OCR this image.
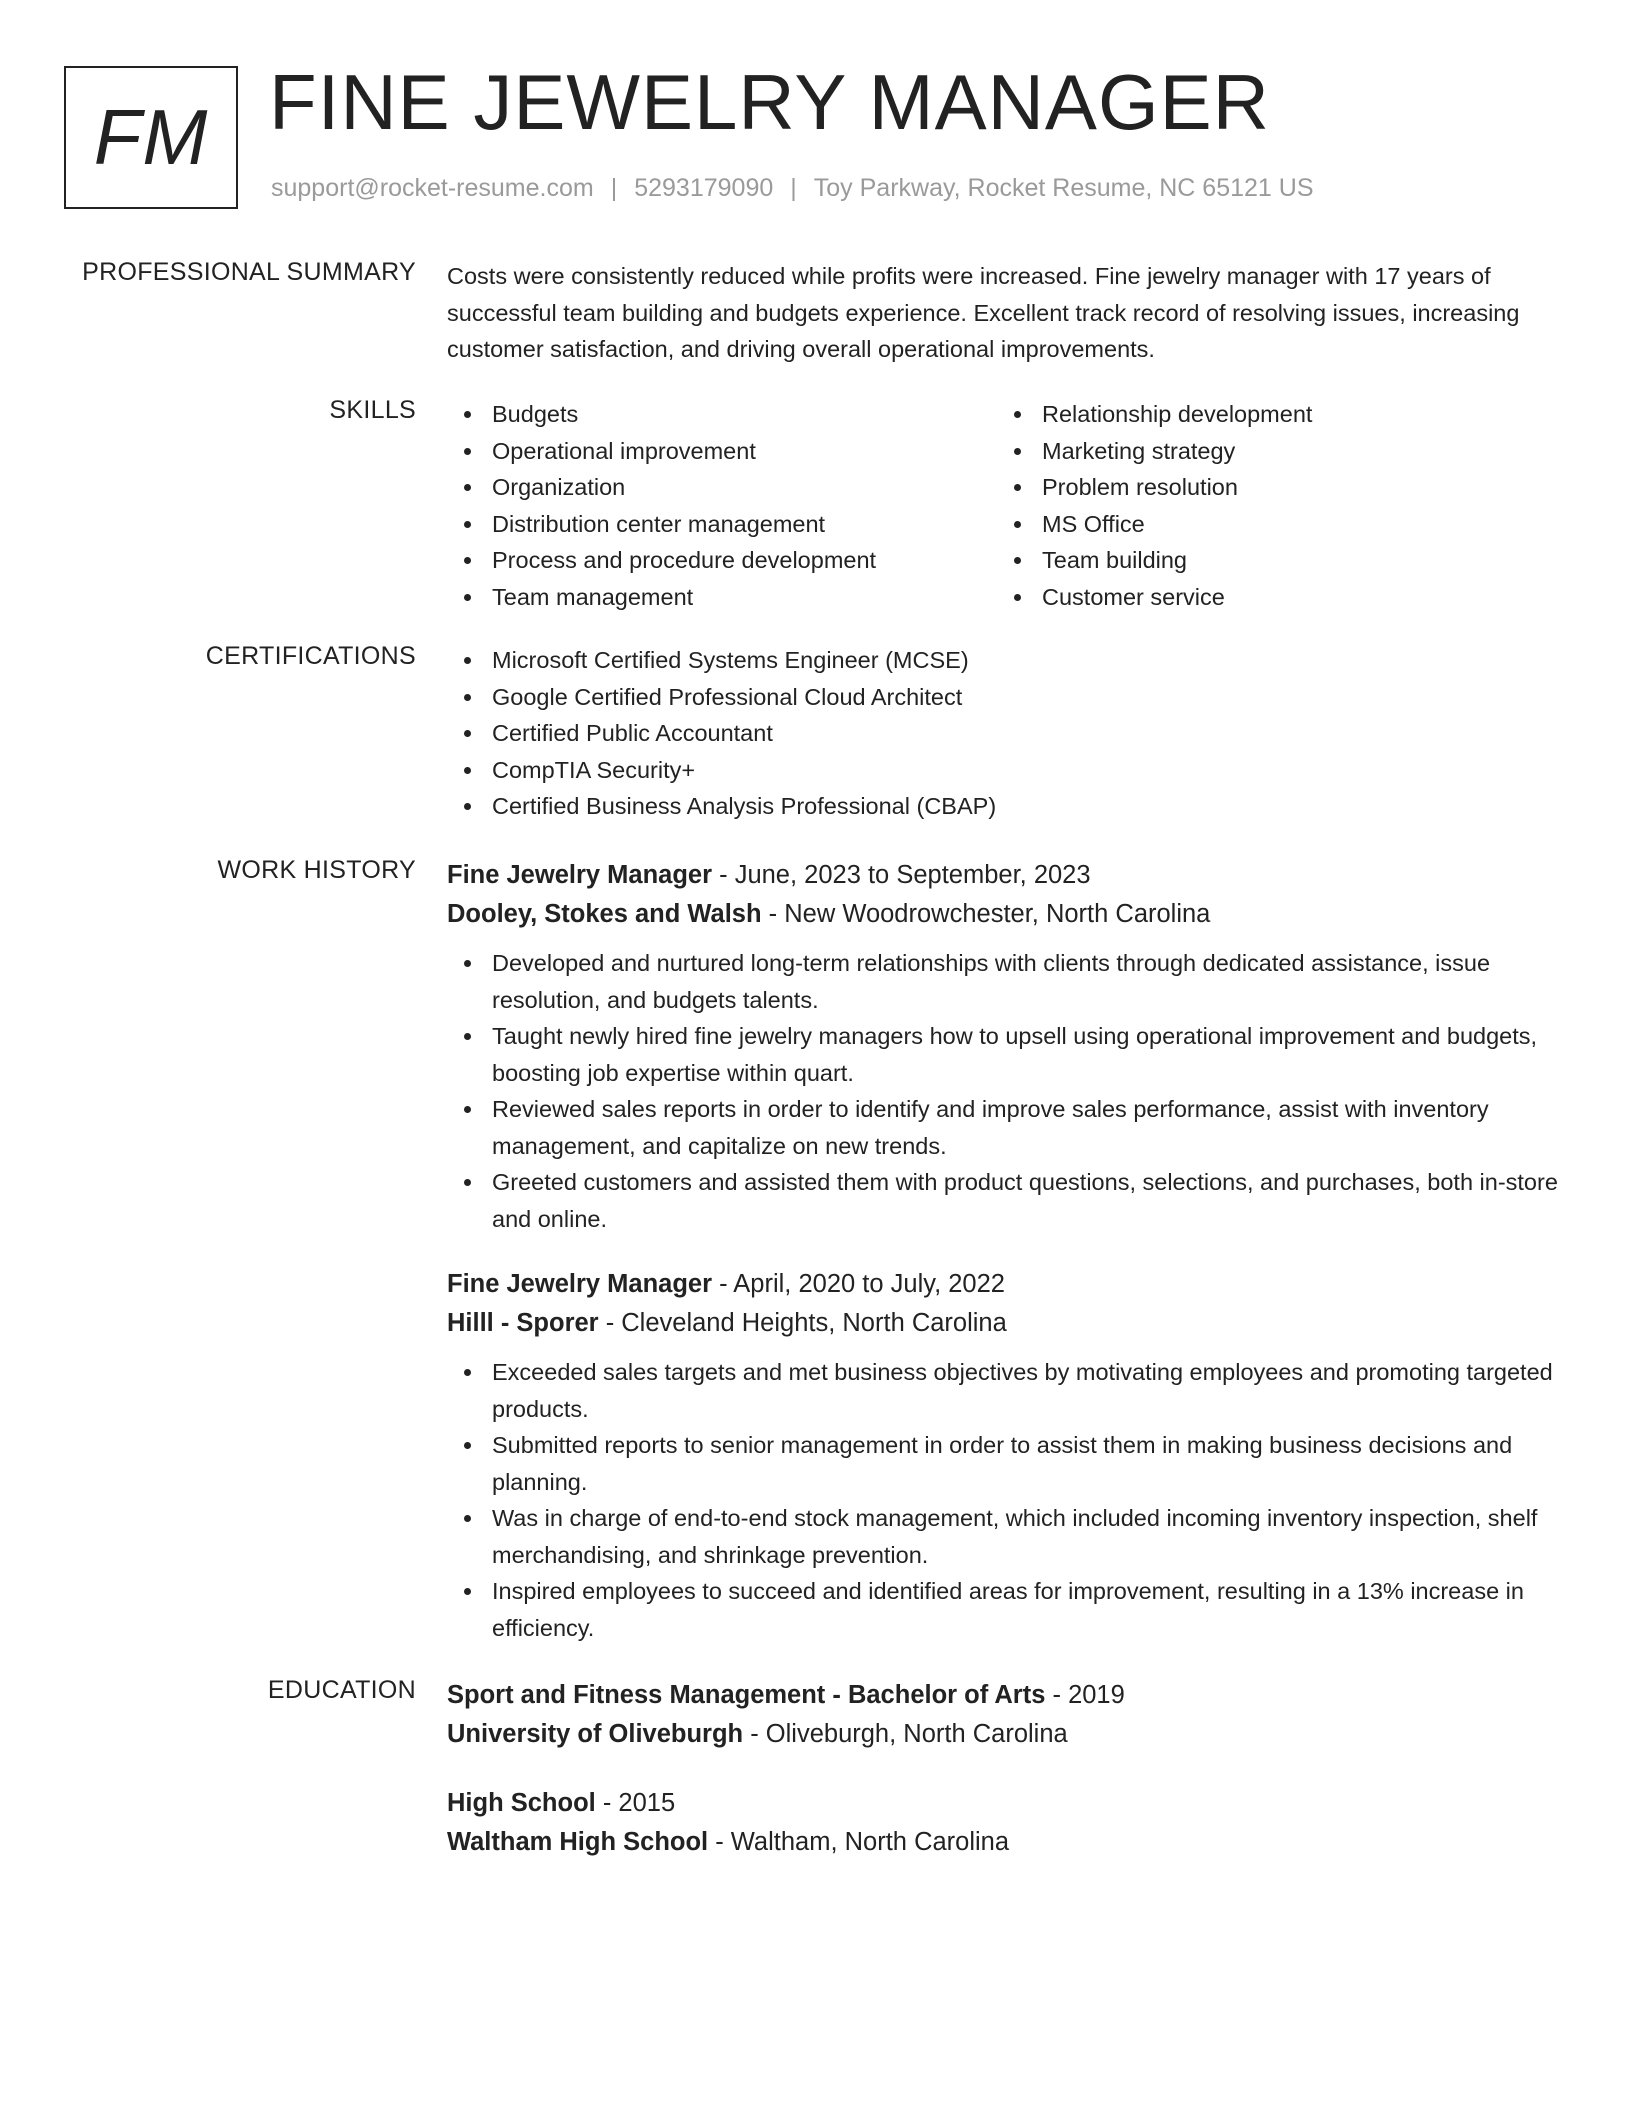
FM FINE JEWELRY MANAGER
support@rocket-resume.com | 5293179090 | Toy Parkway, Rocket Resume, NC 65121 US
PROFESSIONAL SUMMARY Costs were consistently reduced while profits were increased. Fine jewelry manager with 17 years of successful team building and budgets experience. Excellent track record of resolving issues, increasing customer satisfaction, and driving overall operational improvements.
SKILLS	Budgets
Operational improvement
Organization
Distribution center management
Process and procedure development
Team management
Relationship development
Marketing strategy
Problem resolution
MS Office
Team building
Customer service
CERTIFICATIONS	Microsoft Certified Systems Engineer (MCSE)
Google Certified Professional Cloud Architect
Certified Public Accountant
CompTIA Security+
Certified Business Analysis Professional (CBAP)
WORK HISTORY Fine Jewelry Manager - June, 2023 to September, 2023
Dooley, Stokes and Walsh - New Woodrowchester, North Carolina
Developed and nurtured long-term relationships with clients through dedicated assistance, issue resolution, and budgets talents.
Taught newly hired fine jewelry managers how to upsell using operational improvement and budgets, boosting job expertise within quart.
Reviewed sales reports in order to identify and improve sales performance, assist with inventory management, and capitalize on new trends.
Greeted customers and assisted them with product questions, selections, and purchases, both in-store and online.
Fine Jewelry Manager - April, 2020 to July, 2022
Hilll - Sporer - Cleveland Heights, North Carolina
Exceeded sales targets and met business objectives by motivating employees and promoting targeted products.
Submitted reports to senior management in order to assist them in making business decisions and planning.
Was in charge of end-to-end stock management, which included incoming inventory inspection, shelf merchandising, and shrinkage prevention.
Inspired employees to succeed and identified areas for improvement, resulting in a 13% increase in efficiency.
EDUCATION Sport and Fitness Management - Bachelor of Arts - 2019
University of Oliveburgh - Oliveburgh, North Carolina
High School - 2015
Waltham High School - Waltham, North Carolina
